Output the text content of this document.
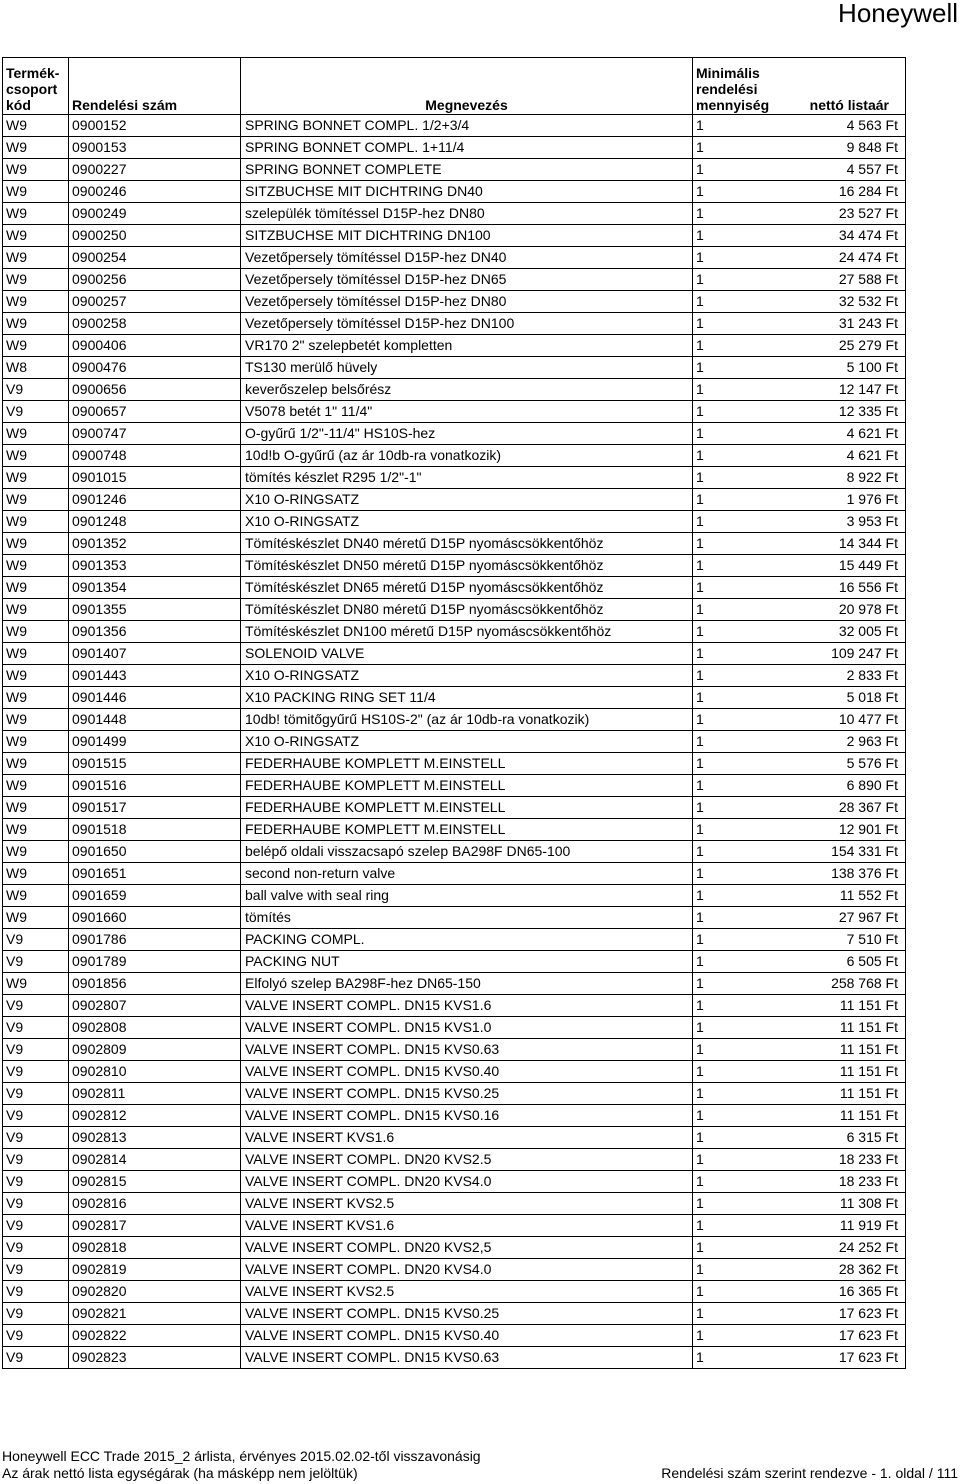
Honeywell
Termék-
csoport
kód	Rendelési szám	Megnevezés	Minimális
rendelési
mennyiség	nettó listaár
W9	0900152	SPRING BONNET COMPL. 1/2+3/4	1	4 563 Ft
W9	0900153	SPRING BONNET COMPL. 1+11/4	1	9 848 Ft
W9	0900227	SPRING BONNET COMPLETE	1	4 557 Ft
W9	0900246	SITZBUCHSE MIT DICHTRING DN40	1	16 284 Ft
W9	0900249	szelepülék tömítéssel D15P-hez DN80	1	23 527 Ft
W9	0900250	SITZBUCHSE MIT DICHTRING DN100	1	34 474 Ft
W9	0900254	Vezetőpersely tömítéssel D15P-hez DN40	1	24 474 Ft
W9	0900256	Vezetőpersely tömítéssel D15P-hez DN65	1	27 588 Ft
W9	0900257	Vezetőpersely tömítéssel D15P-hez DN80	1	32 532 Ft
W9	0900258	Vezetőpersely tömítéssel D15P-hez DN100	1	31 243 Ft
W9	0900406	VR170 2" szelepbetét kompletten	1	25 279 Ft
W8	0900476	TS130 merülő hüvely	1	5 100 Ft
V9	0900656	keverőszelep belsőrész	1	12 147 Ft
V9	0900657	V5078 betét 1" 11/4"	1	12 335 Ft
W9	0900747	O-gyűrű 1/2"-11/4" HS10S-hez	1	4 621 Ft
W9	0900748	10d!b O-gyűrű (az ár 10db-ra vonatkozik)	1	4 621 Ft
W9	0901015	tömítés készlet R295 1/2"-1"	1	8 922 Ft
W9	0901246	X10 O-RINGSATZ	1	1 976 Ft
W9	0901248	X10 O-RINGSATZ	1	3 953 Ft
W9	0901352	Tömítéskészlet DN40 méretű D15P nyomáscsökkentőhöz	1	14 344 Ft
W9	0901353	Tömítéskészlet DN50 méretű D15P nyomáscsökkentőhöz	1	15 449 Ft
W9	0901354	Tömítéskészlet DN65 méretű D15P nyomáscsökkentőhöz	1	16 556 Ft
W9	0901355	Tömítéskészlet DN80 méretű D15P nyomáscsökkentőhöz	1	20 978 Ft
W9	0901356	Tömítéskészlet DN100 méretű D15P nyomáscsökkentőhöz	1	32 005 Ft
W9	0901407	SOLENOID VALVE	1	109 247 Ft
W9	0901443	X10 O-RINGSATZ	1	2 833 Ft
W9	0901446	X10 PACKING RING SET 11/4	1	5 018 Ft
W9	0901448	10db! tömitőgyűrű HS10S-2" (az ár 10db-ra vonatkozik)	1	10 477 Ft
W9	0901499	X10 O-RINGSATZ	1	2 963 Ft
W9	0901515	FEDERHAUBE KOMPLETT M.EINSTELL	1	5 576 Ft
W9	0901516	FEDERHAUBE KOMPLETT M.EINSTELL	1	6 890 Ft
W9	0901517	FEDERHAUBE KOMPLETT M.EINSTELL	1	28 367 Ft
W9	0901518	FEDERHAUBE KOMPLETT M.EINSTELL	1	12 901 Ft
W9	0901650	belépő oldali visszacsapó szelep BA298F DN65-100	1	154 331 Ft
W9	0901651	second non-return valve	1	138 376 Ft
W9	0901659	ball valve with seal ring	1	11 552 Ft
W9	0901660	tömítés	1	27 967 Ft
V9	0901786	PACKING COMPL.	1	7 510 Ft
V9	0901789	PACKING NUT	1	6 505 Ft
W9	0901856	Elfolyó szelep BA298F-hez DN65-150	1	258 768 Ft
V9	0902807	VALVE INSERT COMPL. DN15 KVS1.6	1	11 151 Ft
V9	0902808	VALVE INSERT COMPL. DN15 KVS1.0	1	11 151 Ft
V9	0902809	VALVE INSERT COMPL. DN15 KVS0.63	1	11 151 Ft
V9	0902810	VALVE INSERT COMPL. DN15 KVS0.40	1	11 151 Ft
V9	0902811	VALVE INSERT COMPL. DN15 KVS0.25	1	11 151 Ft
V9	0902812	VALVE INSERT COMPL. DN15 KVS0.16	1	11 151 Ft
V9	0902813	VALVE INSERT KVS1.6	1	6 315 Ft
V9	0902814	VALVE INSERT COMPL. DN20 KVS2.5	1	18 233 Ft
V9	0902815	VALVE INSERT COMPL. DN20 KVS4.0	1	18 233 Ft
V9	0902816	VALVE INSERT KVS2.5	1	11 308 Ft
V9	0902817	VALVE INSERT KVS1.6	1	11 919 Ft
V9	0902818	VALVE INSERT COMPL. DN20 KVS2,5	1	24 252 Ft
V9	0902819	VALVE INSERT COMPL. DN20 KVS4.0	1	28 362 Ft
V9	0902820	VALVE INSERT KVS2.5	1	16 365 Ft
V9	0902821	VALVE INSERT COMPL. DN15 KVS0.25	1	17 623 Ft
V9	0902822	VALVE INSERT COMPL. DN15 KVS0.40	1	17 623 Ft
V9	0902823	VALVE INSERT COMPL. DN15 KVS0.63	1	17 623 Ft
Honeywell ECC Trade 2015_2 árlista, érvényes 2015.02.02-től visszavonásig
Az árak nettó lista egységárak (ha másképp nem jelöltük)	Rendelési szám szerint rendezve - 1. oldal / 111
